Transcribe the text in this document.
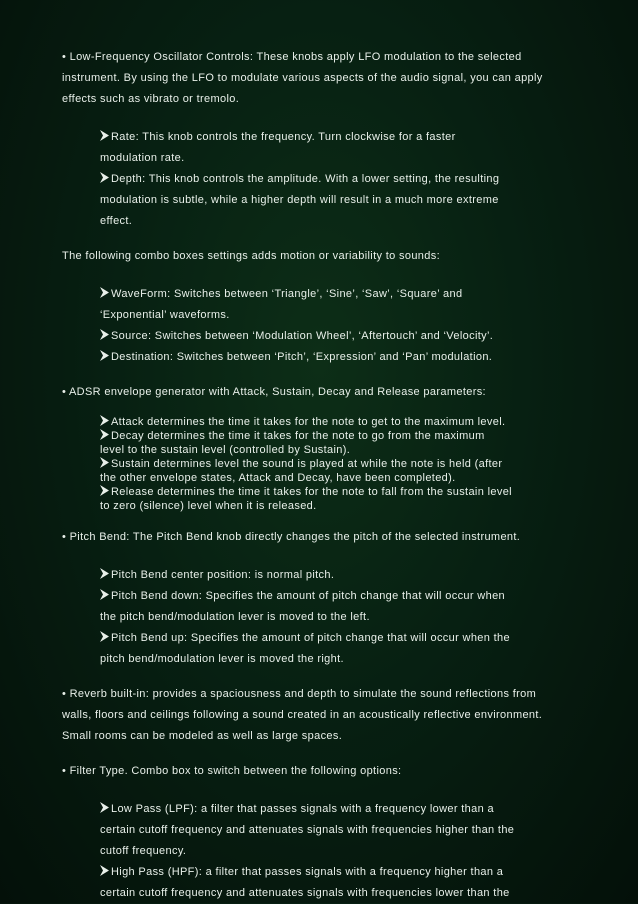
• Low-Frequency Oscillator Controls: These knobs apply LFO modulation to the selected
instrument. By using the LFO to modulate various aspects of the audio signal, you can apply
effects such as vibrato or tremolo.
Rate: This knob controls the frequency. Turn clockwise for a faster
modulation rate.
Depth: This knob controls the amplitude. With a lower setting, the resulting
modulation is subtle, while a higher depth will result in a much more extreme
effect.
The following combo boxes settings adds motion or variability to sounds:
WaveForm: Switches between ‘Triangle’, ‘Sine’, ‘Saw’, ‘Square’ and
‘Exponential’ waveforms.
Source: Switches between ‘Modulation Wheel’, ‘Aftertouch’ and ‘Velocity’.
Destination: Switches between ‘Pitch’, ‘Expression’ and ‘Pan’ modulation.
• ADSR envelope generator with Attack, Sustain, Decay and Release parameters:
Attack determines the time it takes for the note to get to the maximum level.
Decay determines the time it takes for the note to go from the maximum
level to the sustain level (controlled by Sustain).
Sustain determines level the sound is played at while the note is held (after
the other envelope states, Attack and Decay, have been completed).
Release determines the time it takes for the note to fall from the sustain level
to zero (silence) level when it is released.
• Pitch Bend: The Pitch Bend knob directly changes the pitch of the selected instrument.
Pitch Bend center position: is normal pitch.
Pitch Bend down: Specifies the amount of pitch change that will occur when
the pitch bend/modulation lever is moved to the left.
Pitch Bend up: Specifies the amount of pitch change that will occur when the
pitch bend/modulation lever is moved the right.
• Reverb built-in: provides a spaciousness and depth to simulate the sound reflections from
walls, floors and ceilings following a sound created in an acoustically reflective environment.
Small rooms can be modeled as well as large spaces.
• Filter Type. Combo box to switch between the following options:
Low Pass (LPF): a filter that passes signals with a frequency lower than a
certain cutoff frequency and attenuates signals with frequencies higher than the
cutoff frequency.
High Pass (HPF): a filter that passes signals with a frequency higher than a
certain cutoff frequency and attenuates signals with frequencies lower than the
